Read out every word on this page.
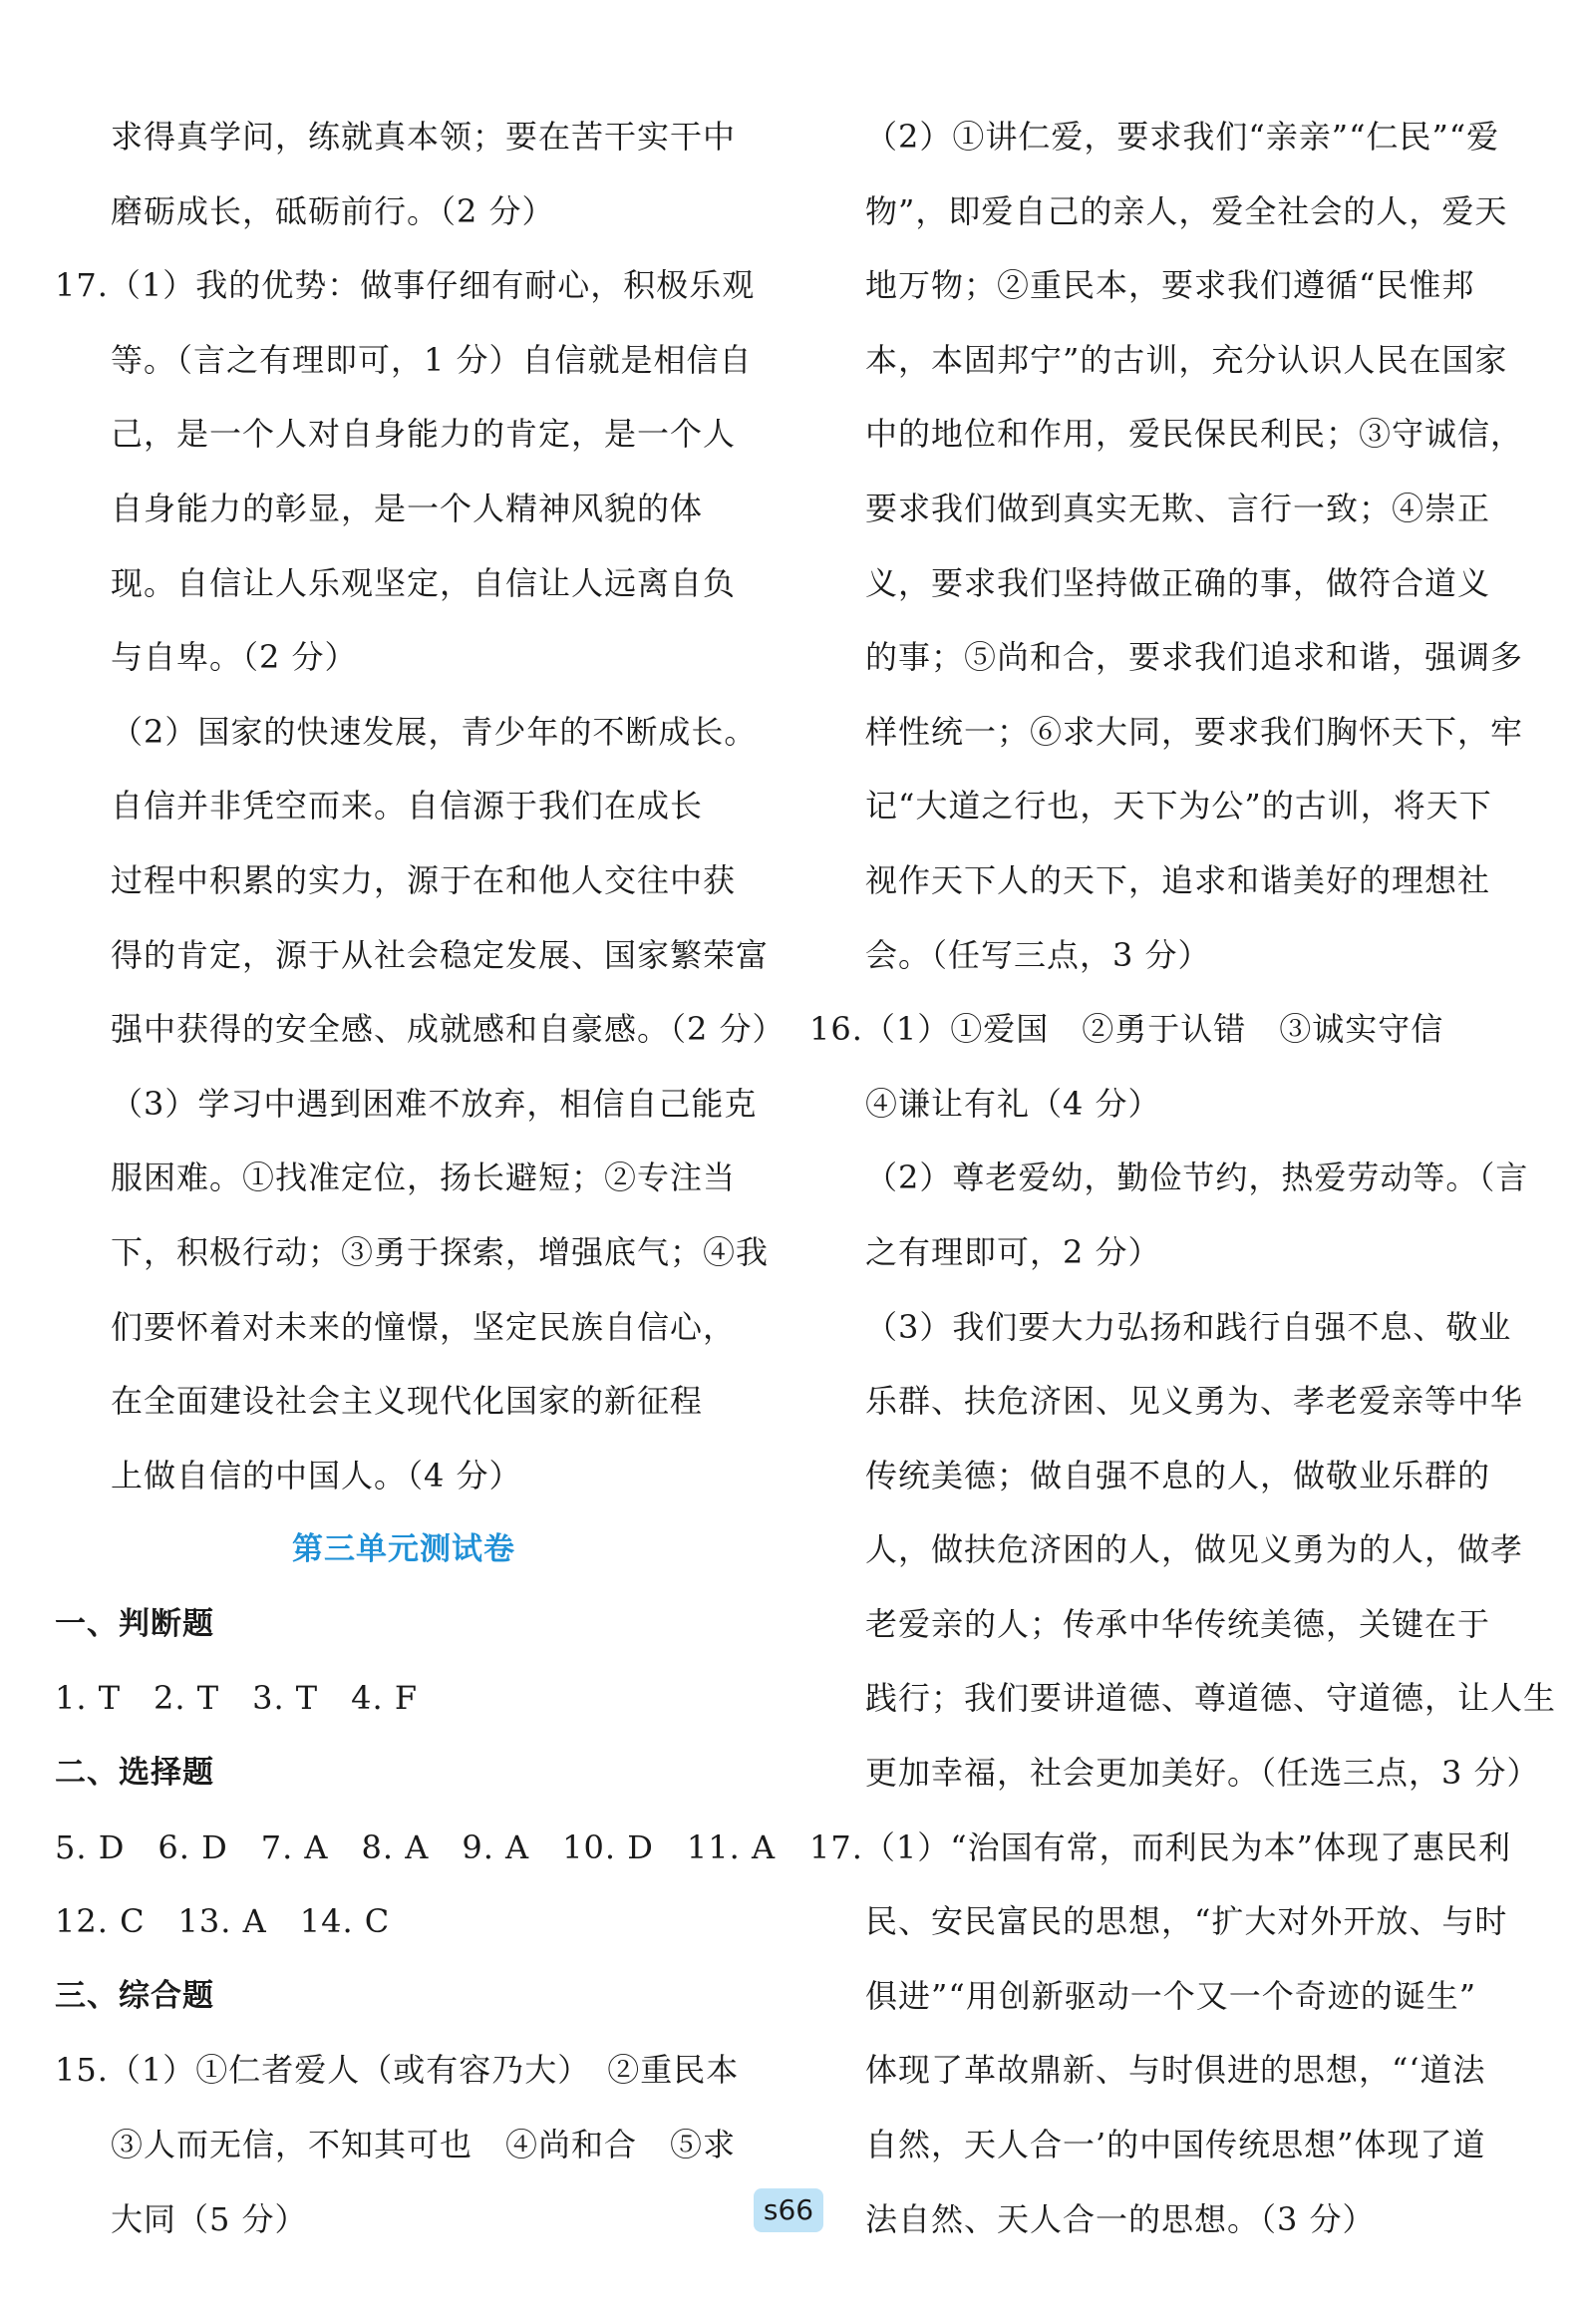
求得真学问，练就真本领；要在苦干实干中
磨砺成长，砥砺前行。（2 分）
17.（1）我的优势：做事仔细有耐心，积极乐观
等。（言之有理即可，1 分）自信就是相信自
己，是一个人对自身能力的肯定，是一个人
自身能力的彰显，是一个人精神风貌的体
现。自信让人乐观坚定，自信让人远离自负
与自卑。（2 分）
（2）国家的快速发展，青少年的不断成长。
自信并非凭空而来。自信源于我们在成长
过程中积累的实力，源于在和他人交往中获
得的肯定，源于从社会稳定发展、国家繁荣富
强中获得的安全感、成就感和自豪感。（2 分）
（3）学习中遇到困难不放弃，相信自己能克
服困难。①找准定位，扬长避短；②专注当
下，积极行动；③勇于探索，增强底气；④我
们要怀着对未来的憧憬，坚定民族自信心，
在全面建设社会主义现代化国家的新征程
上做自信的中国人。（4 分）
第三单元测试卷
一、判断题
1. T　2. T　3. T　4. F
二、选择题
5. D　6. D　7. A　8. A　9. A　10. D　11. A
12. C　13. A　14. C
三、综合题
15.（1）①仁者爱人（或有容乃大）　②重民本
③人而无信，不知其可也　④尚和合　⑤求
大同（5 分）
（2）①讲仁爱，要求我们“亲亲”“仁民”“爱
物”，即爱自己的亲人，爱全社会的人，爱天
地万物；②重民本，要求我们遵循“民惟邦
本，本固邦宁”的古训，充分认识人民在国家
中的地位和作用，爱民保民利民；③守诚信，
要求我们做到真实无欺、言行一致；④崇正
义，要求我们坚持做正确的事，做符合道义
的事；⑤尚和合，要求我们追求和谐，强调多
样性统一；⑥求大同，要求我们胸怀天下，牢
记“大道之行也，天下为公”的古训，将天下
视作天下人的天下，追求和谐美好的理想社
会。（任写三点，3 分）
16.（1）①爱国　②勇于认错　③诚实守信
④谦让有礼（4 分）
（2）尊老爱幼，勤俭节约，热爱劳动等。（言
之有理即可，2 分）
（3）我们要大力弘扬和践行自强不息、敬业
乐群、扶危济困、见义勇为、孝老爱亲等中华
传统美德；做自强不息的人，做敬业乐群的
人，做扶危济困的人，做见义勇为的人，做孝
老爱亲的人；传承中华传统美德，关键在于
践行；我们要讲道德、尊道德、守道德，让人生
更加幸福，社会更加美好。（任选三点，3 分）
17.（1）“治国有常，而利民为本”体现了惠民利
民、安民富民的思想，“扩大对外开放、与时
俱进”“用创新驱动一个又一个奇迹的诞生”
体现了革故鼎新、与时俱进的思想，“‘道法
自然，天人合一’的中国传统思想”体现了道
法自然、天人合一的思想。（3 分）
s66
